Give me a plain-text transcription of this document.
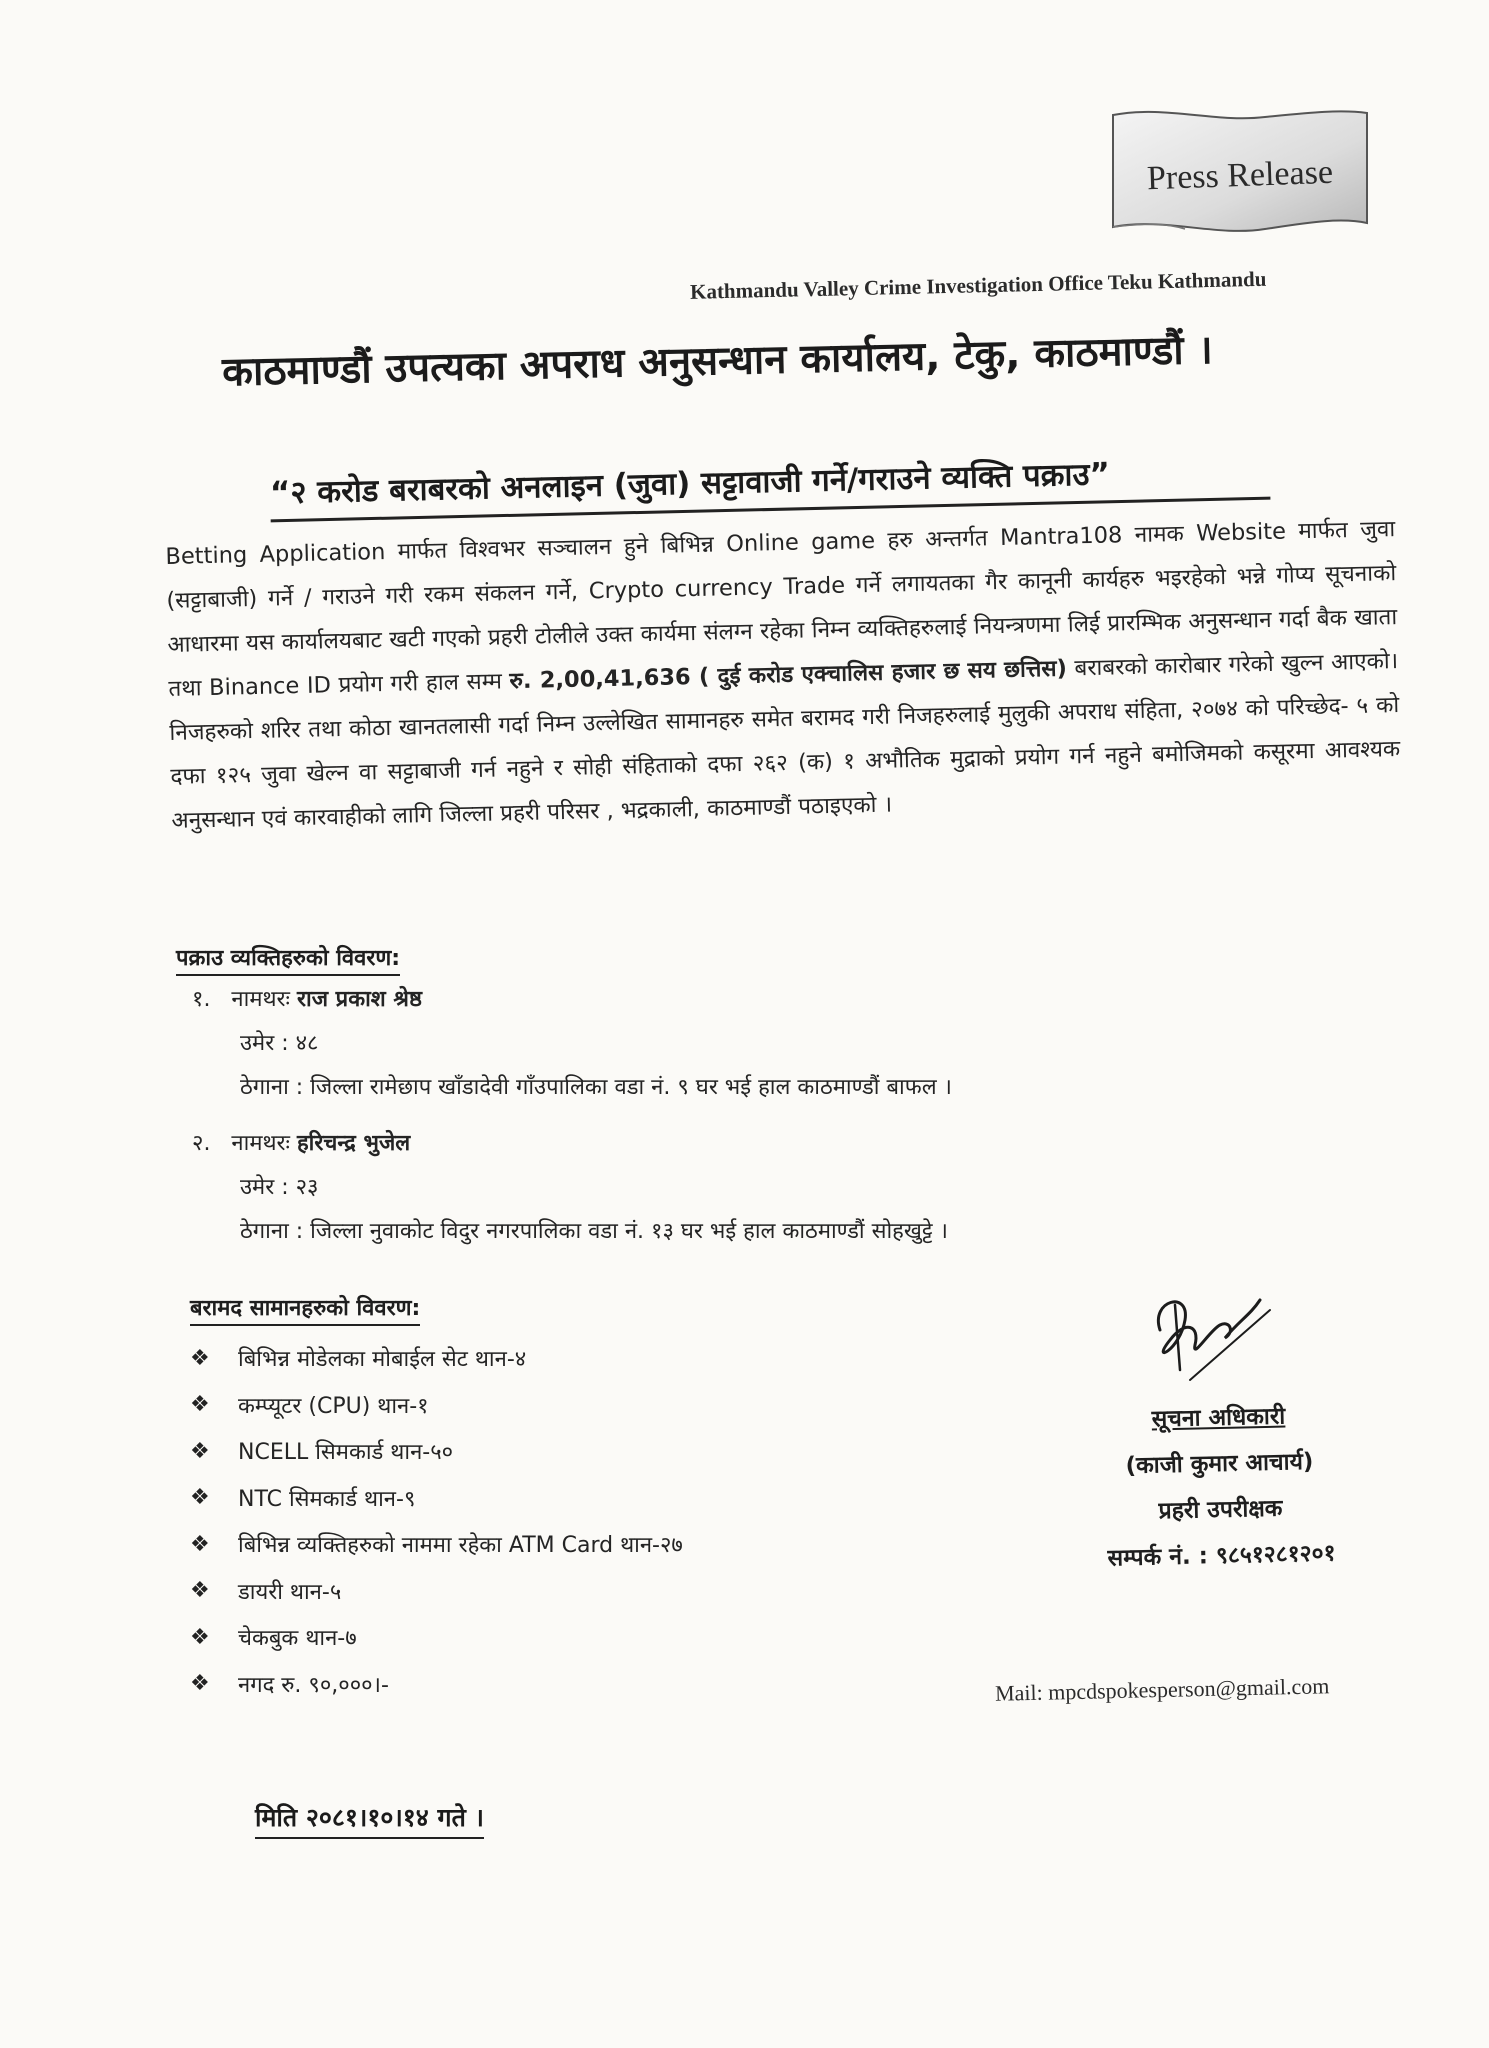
Press Release
Kathmandu Valley Crime Investigation Office Teku Kathmandu
काठमाण्डौं उपत्यका अपराध अनुसन्धान कार्यालय, टेकु, काठमाण्डौं ।
“२ करोड बराबरको अनलाइन (जुवा) सट्टावाजी गर्ने/गराउने व्यक्ति पक्राउ”
Betting Application मार्फत विश्वभर सञ्चालन हुने बिभिन्न Online game हरु अन्तर्गत Mantra108 नामक Website मार्फत जुवा (सट्टाबाजी) गर्ने / गराउने गरी रकम संकलन गर्ने, Crypto currency Trade गर्ने लगायतका गैर कानूनी कार्यहरु भइरहेको भन्ने गोप्य सूचनाको आधारमा यस कार्यालयबाट खटी गएको प्रहरी टोलीले उक्त कार्यमा संलग्न रहेका निम्न व्यक्तिहरुलाई नियन्त्रणमा लिई प्रारम्भिक अनुसन्धान गर्दा बैक खाता तथा Binance ID प्रयोग गरी हाल सम्म रु. 2,00,41,636 ( दुई करोड एक्चालिस हजार छ सय छत्तिस) बराबरको कारोबार गरेको खुल्न आएको। निजहरुको शरिर तथा कोठा खानतलासी गर्दा निम्न उल्लेखित सामानहरु समेत बरामद गरी निजहरुलाई मुलुकी अपराध संहिता, २०७४ को परिच्छेद- ५ को दफा १२५ जुवा खेल्न वा सट्टाबाजी गर्न नहुने र सोही संहिताको दफा २६२ (क) १ अभौतिक मुद्राको प्रयोग गर्न नहुने बमोजिमको कसूरमा आवश्यक अनुसन्धान एवं कारवाहीको लागि जिल्ला प्रहरी परिसर , भद्रकाली, काठमाण्डौं पठाइएको ।
पक्राउ व्यक्तिहरुको विवरण:
१. नामथरः राज प्रकाश श्रेष्ठ
उमेर : ४८
ठेगाना : जिल्ला रामेछाप खाँडादेवी गाँउपालिका वडा नं. ९ घर भई हाल काठमाण्डौं बाफल ।
२. नामथरः हरिचन्द्र भुजेल
उमेर : २३
ठेगाना : जिल्ला नुवाकोट विदुर नगरपालिका वडा नं. १३ घर भई हाल काठमाण्डौं सोहखुट्टे ।
बरामद सामानहरुको विवरण:
❖	बिभिन्न मोडेलका मोबाईल सेट थान-४
❖	कम्प्यूटर (CPU) थान-१
❖	NCELL सिमकार्ड थान-५०
❖	NTC सिमकार्ड थान-९
❖	बिभिन्न व्यक्तिहरुको नाममा रहेका ATM Card थान-२७
❖	डायरी थान-५
❖	चेकबुक थान-७
❖	नगद रु. ९०,०००।-
सूचना अधिकारी
(काजी कुमार आचार्य)
प्रहरी उपरीक्षक
सम्पर्क नं. : ९८५१२८१२०१
Mail: mpcdspokesperson@gmail.com
मिति २०८१।१०।१४ गते ।
